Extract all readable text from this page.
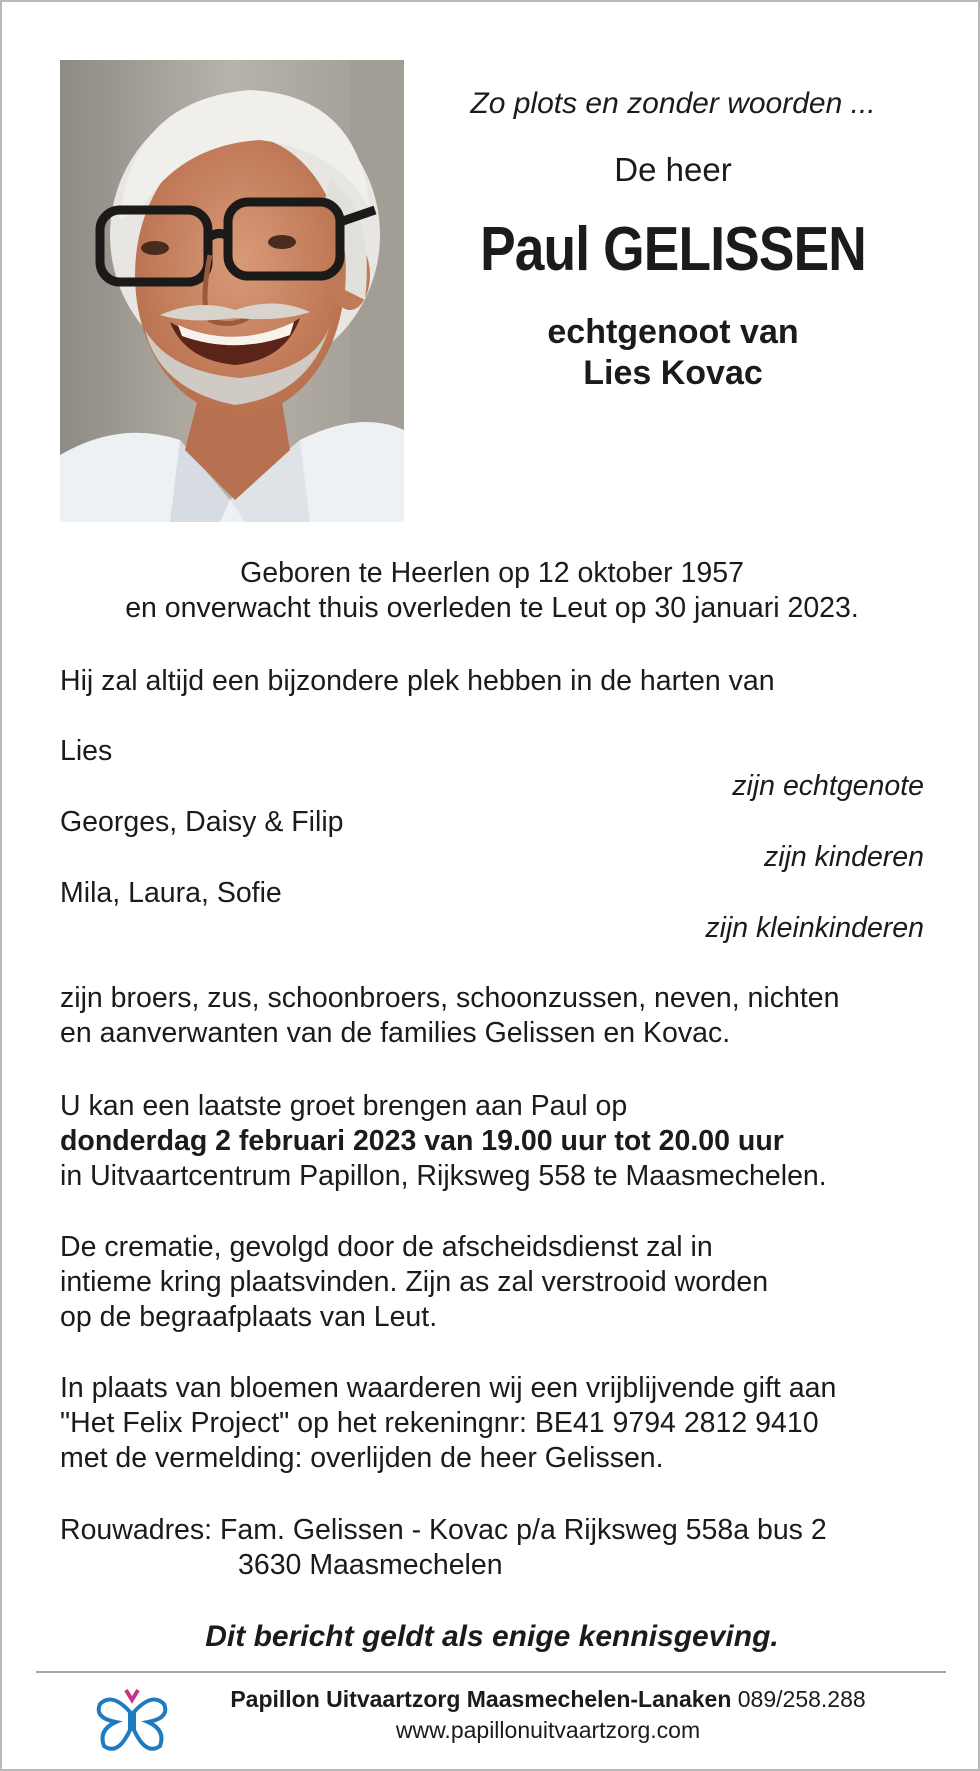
Zo plots en zonder woorden ...
De heer
Paul GELISSEN
echtgenoot van
Lies Kovac
Geboren te Heerlen op 12 oktober 1957
en onverwacht thuis overleden te Leut op 30 januari 2023.
Hij zal altijd een bijzondere plek hebben in de harten van
Lies
zijn echtgenote
Georges, Daisy & Filip
zijn kinderen
Mila, Laura, Sofie
zijn kleinkinderen
zijn broers, zus, schoonbroers, schoonzussen, neven, nichten
en aanverwanten van de families Gelissen en Kovac.
U kan een laatste groet brengen aan Paul op
donderdag 2 februari 2023 van 19.00 uur tot 20.00 uur
in Uitvaartcentrum Papillon, Rijksweg 558 te Maasmechelen.
De crematie, gevolgd door de afscheidsdienst zal in
intieme kring plaatsvinden. Zijn as zal verstrooid worden
op de begraafplaats van Leut.
In plaats van bloemen waarderen wij een vrijblijvende gift aan
"Het Felix Project" op het rekeningnr: BE41 9794 2812 9410
met de vermelding: overlijden de heer Gelissen.
Rouwadres: Fam. Gelissen - Kovac p/a Rijksweg 558a bus 2
3630 Maasmechelen
Dit bericht geldt als enige kennisgeving.
Papillon Uitvaartzorg Maasmechelen-Lanaken 089/258.288
www.papillonuitvaartzorg.com
